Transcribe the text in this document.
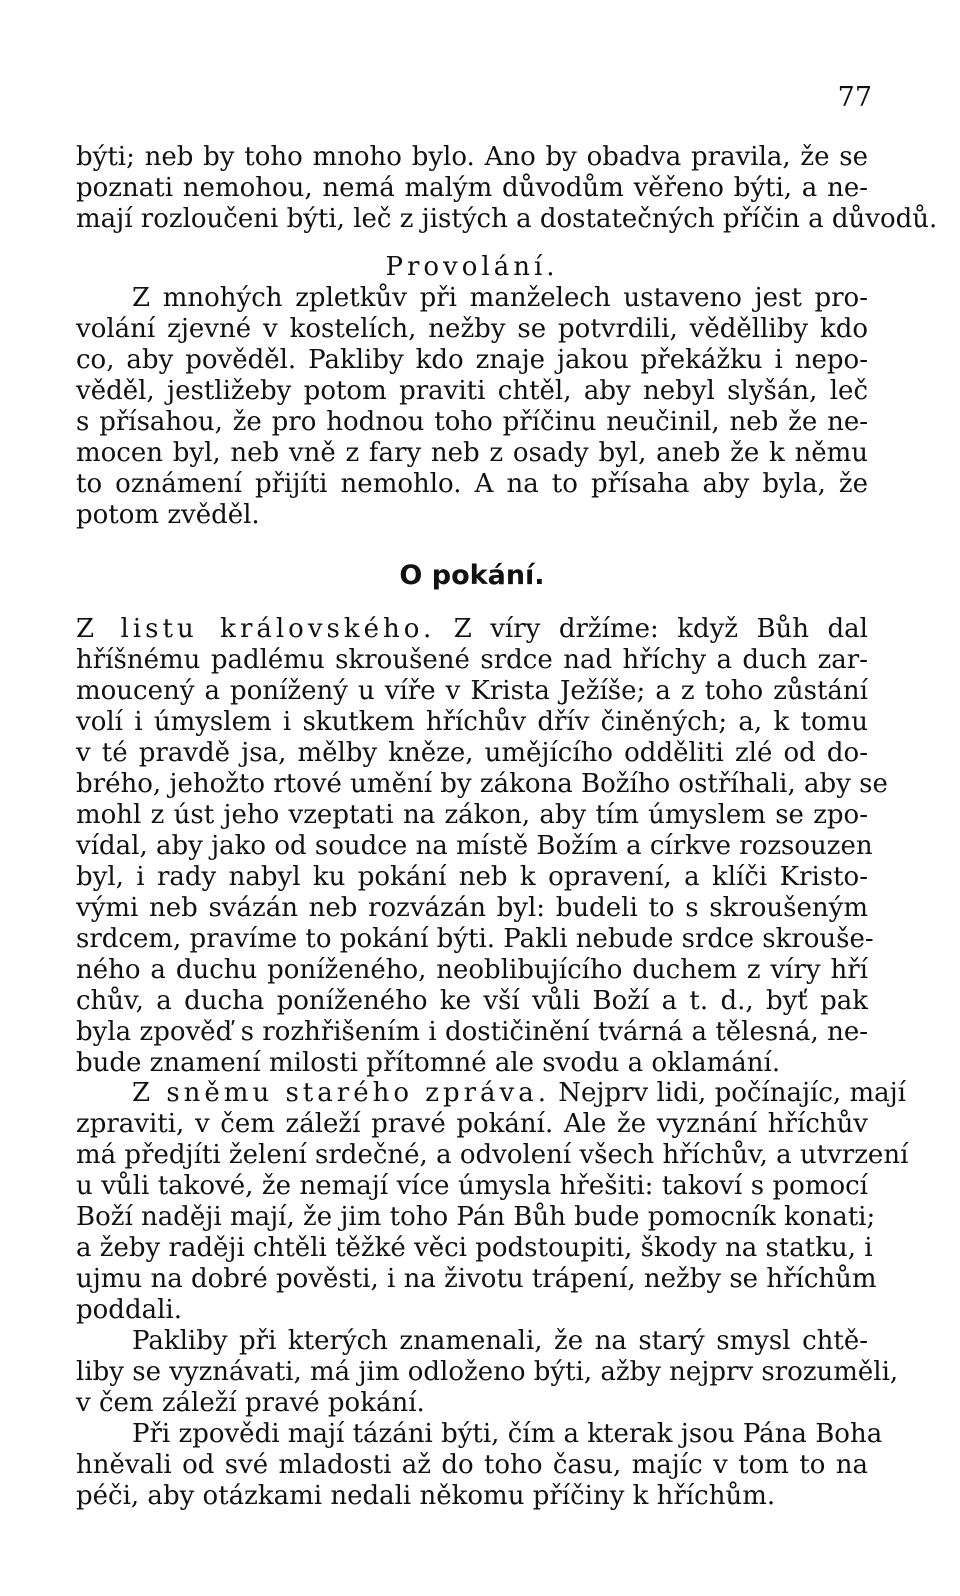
77

býti; neb by toho mnoho bylo. Ano by obadva pravila, že se

poznati nemohou, nemá malým důvodům věřeno býti, a ne-

mají rozloučeni býti, leč z jistých a dostatečných příčin a důvodů.

Provolání.

Z mnohých zpletkův při manželech ustaveno jest pro-

volání zjevné v kostelích, nežby se potvrdili, vědělliby kdo

co, aby pověděl. Pakliby kdo znaje jakou překážku i nepo-

věděl, jestližeby potom praviti chtěl, aby nebyl slyšán, leč

s přísahou, že pro hodnou toho příčinu neučinil, neb že ne-

mocen byl, neb vně z fary neb z osady byl, aneb že k němu

to oznámení přijíti nemohlo. A na to přísaha aby byla, že

potom zvěděl.

O pokání.

Z listu královského. Z víry držíme: když Bůh dal

hříšnému padlému skroušené srdce nad hříchy a duch zar-

moucený a ponížený u víře v Krista Ježíše; a z toho zůstání

volí i úmyslem i skutkem hříchův dřív činěných; a, k tomu

v té pravdě jsa, mělby kněze, umějícího odděliti zlé od do-

brého, jehožto rtové umění by zákona Božího ostříhali, aby se

mohl z úst jeho vzeptati na zákon, aby tím úmyslem se zpo-

vídal, aby jako od soudce na místě Božím a církve rozsouzen

byl, i rady nabyl ku pokání neb k opravení, a klíči Kristo-

vými neb svázán neb rozvázán byl: budeli to s skroušeným

srdcem, pravíme to pokání býti. Pakli nebude srdce skrouše-

ného a duchu poníženého, neoblibujícího duchem z víry hří

chův, a ducha poníženého ke vší vůli Boží a t. d., byť pak

byla zpověď s rozhřišením i dostičinění tvárná a tělesná, ne-

bude znamení milosti přítomné ale svodu a oklamání.

Z sněmu starého zpráva. Nejprv lidi, počínajíc, mají

zpraviti, v čem záleží pravé pokání. Ale že vyznání hříchův

má předjíti želení srdečné, a odvolení všech hříchův, a utvrzení

u vůli takové, že nemají více úmysla hřešiti: takoví s pomocí

Boží naději mají, že jim toho Pán Bůh bude pomocník konati;

a žeby raději chtěli těžké věci podstoupiti, škody na statku, i

ujmu na dobré pověsti, i na životu trápení, nežby se hříchům

poddali.

Pakliby při kterých znamenali, že na starý smysl chtě-

liby se vyznávati, má jim odloženo býti, ažby nejprv srozuměli,

v čem záleží pravé pokání.

Při zpovědi mají tázáni býti, čím a kterak jsou Pána Boha

hněvali od své mladosti až do toho času, majíc v tom to na

péči, aby otázkami nedali někomu příčiny k hříchům.
